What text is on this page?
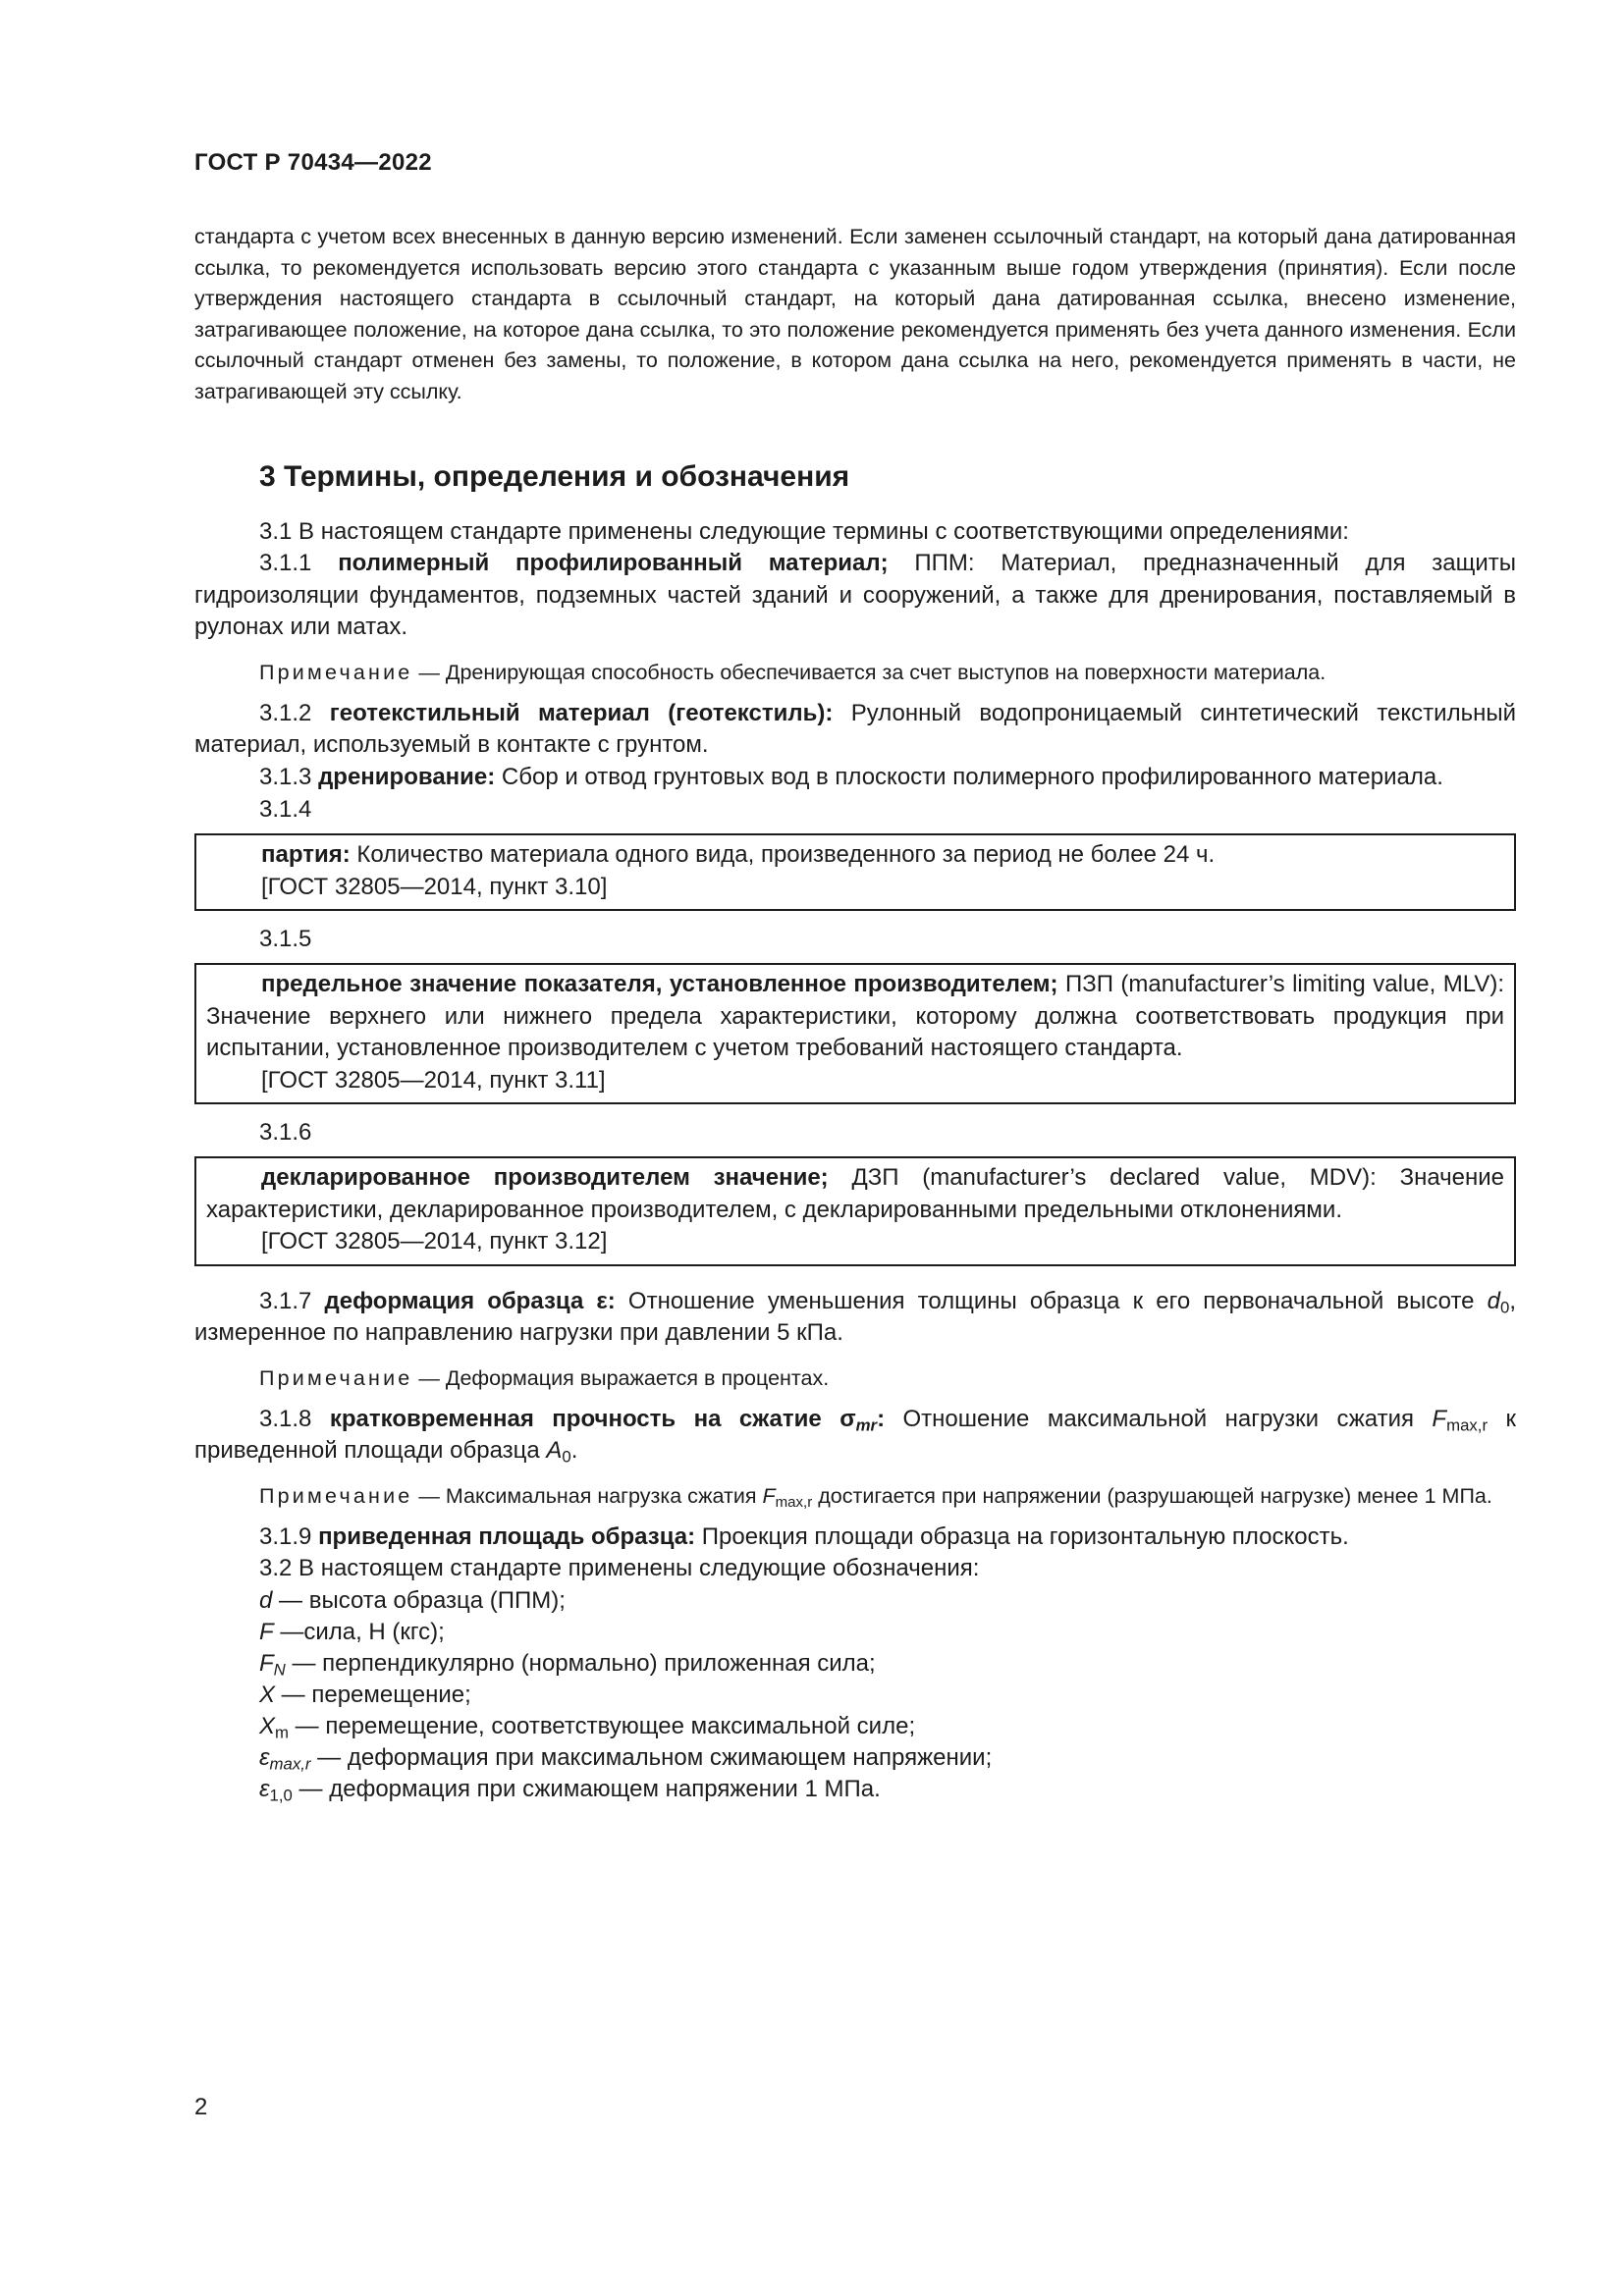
ГОСТ Р 70434—2022

стандарта с учетом всех внесенных в данную версию изменений. Если заменен ссылочный стандарт, на который дана датированная ссылка, то рекомендуется использовать версию этого стандарта с указанным выше годом утверждения (принятия). Если после утверждения настоящего стандарта в ссылочный стандарт, на который дана датированная ссылка, внесено изменение, затрагивающее положение, на которое дана ссылка, то это положение рекомендуется применять без учета данного изменения. Если ссылочный стандарт отменен без замены, то положение, в котором дана ссылка на него, рекомендуется применять в части, не затрагивающей эту ссылку.

3 Термины, определения и обозначения

3.1 В настоящем стандарте применены следующие термины с соответствующими определениями:

3.1.1 полимерный профилированный материал; ППМ: Материал, предназначенный для защиты гидроизоляции фундаментов, подземных частей зданий и сооружений, а также для дренирования, поставляемый в рулонах или матах.

Примечание — Дренирующая способность обеспечивается за счет выступов на поверхности материала.

3.1.2 геотекстильный материал (геотекстиль): Рулонный водопроницаемый синтетический текстильный материал, используемый в контакте с грунтом.

3.1.3 дренирование: Сбор и отвод грунтовых вод в плоскости полимерного профилированного материала.

3.1.4

партия: Количество материала одного вида, произведенного за период не более 24 ч.

[ГОСТ 32805—2014, пункт 3.10]

3.1.5

предельное значение показателя, установленное производителем; ПЗП (manufacturer’s limiting value, MLV): Значение верхнего или нижнего предела характеристики, которому должна соответствовать продукция при испытании, установленное производителем с учетом требований настоящего стандарта.

[ГОСТ 32805—2014, пункт 3.11]

3.1.6

декларированное производителем значение; ДЗП (manufacturer’s declared value, MDV): Значение характеристики, декларированное производителем, с декларированными предельными отклонениями.

[ГОСТ 32805—2014, пункт 3.12]

3.1.7 деформация образца ε: Отношение уменьшения толщины образца к его первоначальной высоте $d_0$, измеренное по направлению нагрузки при давлении 5 кПа.

Примечание — Деформация выражается в процентах.

3.1.8 кратковременная прочность на сжатие $\sigma_{mr}$: Отношение максимальной нагрузки сжатия $F_{max,r}$ к приведенной площади образца $A_0$.

Примечание — Максимальная нагрузка сжатия $F_{max,r}$ достигается при напряжении (разрушающей нагрузке) менее 1 МПа.

3.1.9 приведенная площадь образца: Проекция площади образца на горизонтальную плоскость.

3.2 В настоящем стандарте применены следующие обозначения:

d — высота образца (ППМ);

F —сила, Н (кгс);

$F_N$ — перпендикулярно (нормально) приложенная сила;

X — перемещение;

$X_m$ — перемещение, соответствующее максимальной силе;

$\varepsilon_{max,r}$ — деформация при максимальном сжимающем напряжении;

$\varepsilon_{1,0}$ — деформация при сжимающем напряжении 1 МПа.

2
